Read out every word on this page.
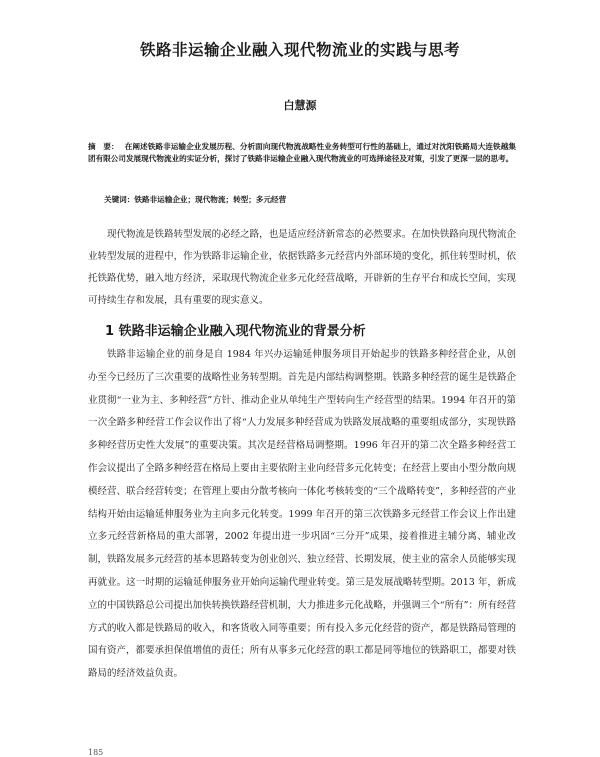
铁路非运输企业融入现代物流业的实践与思考
白慧源
摘　要： 在阐述铁路非运输企业发展历程、分析面向现代物流战略性业务转型可行性的基础上，通过对沈阳铁路局大连铁越集团有限公司发展现代物流业的实证分析，探讨了铁路非运输企业融入现代物流业的可选择途径及对策，引发了更深一层的思考。
关键词：铁路非运输企业；现代物流；转型；多元经营

现代物流是铁路转型发展的必经之路，也是适应经济新常态的必然要求。在加快铁路向现代物流企业转型发展的进程中，作为铁路非运输企业，依据铁路多元经营内外部环境的变化，抓住转型时机，依托铁路优势，融入地方经济，采取现代物流企业多元化经营战略，开辟新的生存平台和成长空间，实现可持续生存和发展，具有重要的现实意义。

1 铁路非运输企业融入现代物流业的背景分析

铁路非运输企业的前身是自 1984 年兴办运输延伸服务项目开始起步的铁路多种经营企业，从创办至今已经历了三次重要的战略性业务转型期。首先是内部结构调整期。铁路多种经营的诞生是铁路企业贯彻“一业为主、多种经营”方针、推动企业从单纯生产型转向生产经营型的结果。1994 年召开的第一次全路多种经营工作会议作出了将“人力发展多种经营成为铁路发展战略的重要组成部分，实现铁路多种经营历史性大发展”的重要决策。其次是经营格局调整期。1996 年召开的第二次全路多种经营工作会议提出了全路多种经营在格局上要由主要依附主业向经营多元化转变；在经营上要由小型分散向规模经营、联合经营转变；在管理上要由分散考核向一体化考核转变的“三个战略转变”，多种经营的产业结构开始由运输延伸服务业为主向多元化转变。1999 年召开的第三次铁路多元经营工作会议上作出建立多元经营新格局的重大部署，2002 年提出进一步巩固“三分开”成果，接着推进主辅分离、辅业改制，铁路发展多元经营的基本思路转变为创业创兴、独立经营、长期发展，使主业的富余人员能够实现再就业。这一时期的运输延伸服务业开始向运输代理业转变。第三是发展战略转型期。2013 年，新成立的中国铁路总公司提出加快转换铁路经营机制，大力推进多元化战略，并强调三个“所有”：所有经营方式的收入都是铁路局的收入，和客货收入同等重要；所有投入多元化经营的资产，都是铁路局管理的国有资产，都要承担保值增值的责任；所有从事多元化经营的职工都是同等地位的铁路职工，都要对铁路局的经济效益负责。

185
